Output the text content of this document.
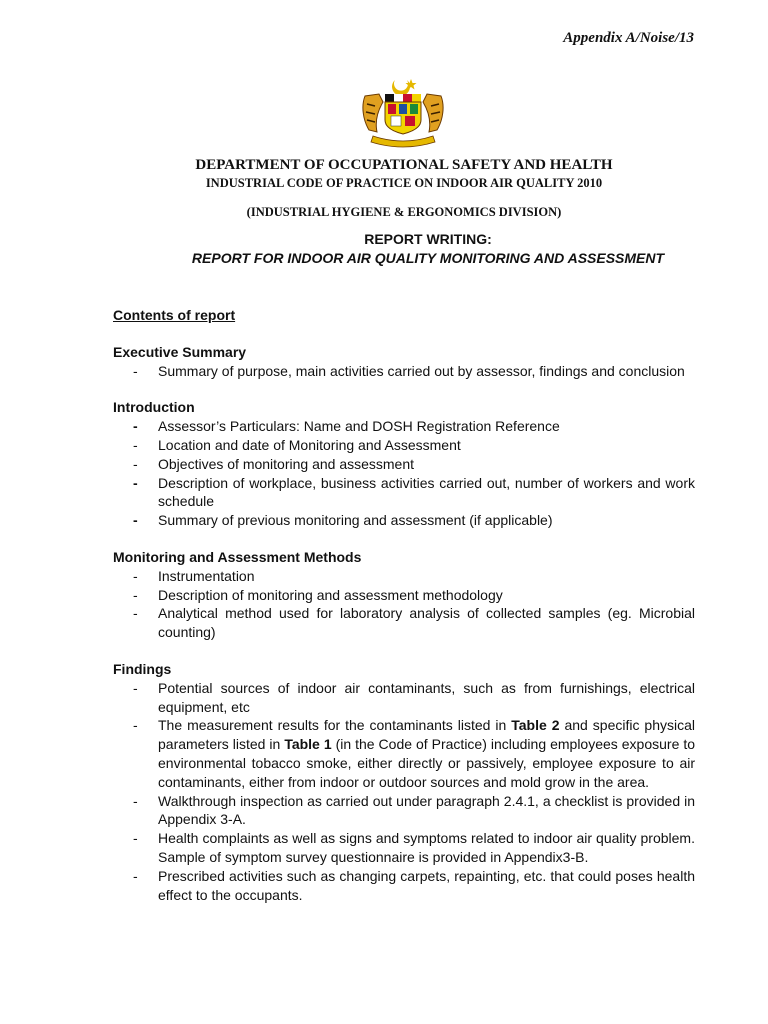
Appendix A/Noise/13
DEPARTMENT OF OCCUPATIONAL SAFETY AND HEALTH
INDUSTRIAL CODE OF PRACTICE ON INDOOR AIR QUALITY 2010
(INDUSTRIAL HYGIENE & ERGONOMICS DIVISION)
REPORT WRITING:
REPORT FOR INDOOR AIR QUALITY MONITORING AND ASSESSMENT
Contents of report
Executive Summary
- Summary of purpose, main activities carried out by assessor, findings and conclusion
Introduction
- Assessor’s Particulars: Name and DOSH Registration Reference
- Location and date of Monitoring and Assessment
- Objectives of monitoring and assessment
- Description of workplace, business activities carried out, number of workers and work schedule
- Summary of previous monitoring and assessment (if applicable)
Monitoring and Assessment Methods
- Instrumentation
- Description of monitoring and assessment methodology
- Analytical method used for laboratory analysis of collected samples (eg. Microbial counting)
Findings
- Potential sources of indoor air contaminants, such as from furnishings, electrical equipment, etc
- The measurement results for the contaminants listed in Table 2 and specific physical parameters listed in Table 1 (in the Code of Practice) including employees exposure to environmental tobacco smoke, either directly or passively, employee exposure to air contaminants, either from indoor or outdoor sources and mold grow in the area.
- Walkthrough inspection as carried out under paragraph 2.4.1, a checklist is provided in Appendix 3-A.
- Health complaints as well as signs and symptoms related to indoor air quality problem. Sample of symptom survey questionnaire is provided in Appendix3-B.
- Prescribed activities such as changing carpets, repainting, etc. that could poses health effect to the occupants.
